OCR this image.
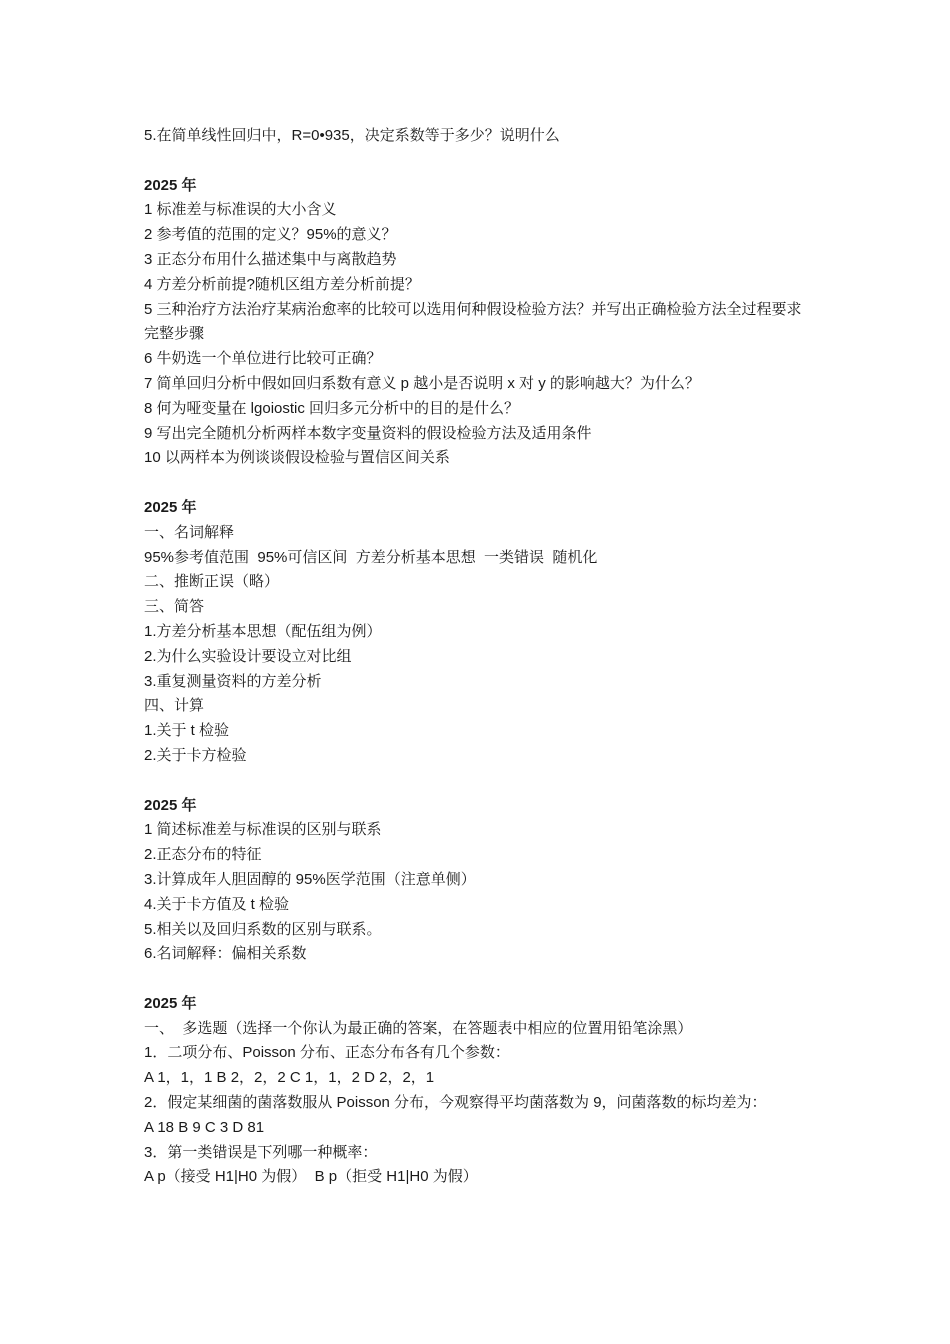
5.在简单线性回归中，R=0•935，决定系数等于多少？说明什么
2025 年
1 标准差与标准误的大小含义
2 参考值的范围的定义？95%的意义？
3 正态分布用什么描述集中与离散趋势
4 方差分析前提?随机区组方差分析前提？
5 三种治疗方法治疗某病治愈率的比较可以选用何种假设检验方法？并写出正确检验方法全过程要求完整步骤
6 牛奶选一个单位进行比较可正确？
7 简单回归分析中假如回归系数有意义 p 越小是否说明 x 对 y 的影响越大？为什么？
8 何为哑变量在 lgoiostic 回归多元分析中的目的是什么？
9 写出完全随机分析两样本数字变量资料的假设检验方法及适用条件
10 以两样本为例谈谈假设检验与置信区间关系
2025 年
一、名词解释
95%参考值范围  95%可信区间  方差分析基本思想  一类错误  随机化
二、推断正误（略）
三、简答
1.方差分析基本思想（配伍组为例）
2.为什么实验设计要设立对比组
3.重复测量资料的方差分析
四、计算
1.关于 t 检验
2.关于卡方检验
2025 年
1 简述标准差与标准误的区别与联系
2.正态分布的特征
3.计算成年人胆固醇的 95%医学范围（注意单侧）
4.关于卡方值及 t 检验
5.相关以及回归系数的区别与联系。
6.名词解释：偏相关系数
2025 年
一、  多选题（选择一个你认为最正确的答案，在答题表中相应的位置用铅笔涂黑）
1．二项分布、Poisson 分布、正态分布各有几个参数：
A 1，1，1 B 2，2，2 C 1，1，2 D 2，2，1
2．假定某细菌的菌落数服从 Poisson 分布，今观察得平均菌落数为 9，问菌落数的标均差为：
A 18 B 9 C 3 D 81
3．第一类错误是下列哪一种概率：
A p（接受 H1|H0 为假）  B p（拒受 H1|H0 为假）
